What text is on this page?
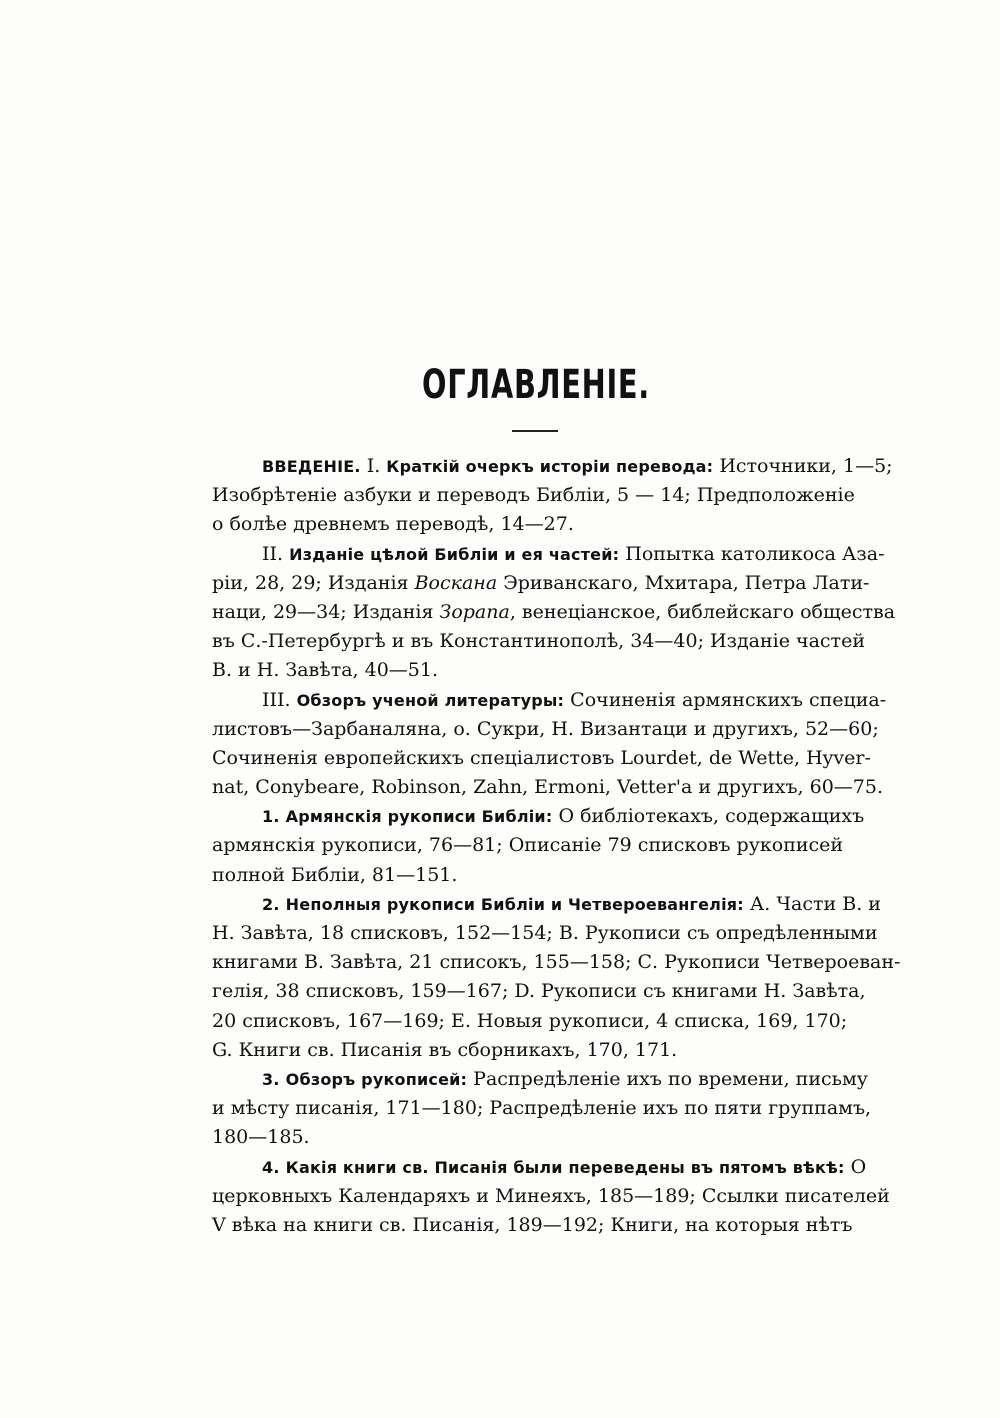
ОГЛАВЛЕНІЕ.
ВВЕДЕНІЕ. I. Краткій очеркъ исторіи перевода: Источники, 1—5;
Изобрѣтеніе азбуки и переводъ Библіи, 5 — 14; Предположеніе
о болѣе древнемъ переводѣ, 14—27.
II. Изданіе цѣлой Библіи и ея частей: Попытка католикоса Аза-
ріи, 28, 29; Изданія Воскана Эриванскаго, Мхитара, Петра Лати-
наци, 29—34; Изданія Зорапа, венеціанское, библейскаго общества
въ С.-Петербургѣ и въ Константинополѣ, 34—40; Изданіе частей
В. и Н. Завѣта, 40—51.
III. Обзоръ ученой литературы: Сочиненія армянскихъ специа-
листовъ—Зарбаналяна, о. Сукри, Н. Византаци и другихъ, 52—60;
Сочиненія европейскихъ спеціалистовъ Lourdet, de Wette, Hyver-
nat, Conybeare, Robinson, Zahn, Ermoni, Vetter'a и другихъ, 60—75.
1. Армянскія рукописи Библіи: О библіотекахъ, содержащихъ
армянскія рукописи, 76—81; Описаніе 79 списковъ рукописей
полной Библіи, 81—151.
2. Неполныя рукописи Библіи и Четвероевангелія: А. Части В. и
Н. Завѣта, 18 списковъ, 152—154; В. Рукописи съ опредѣленными
книгами В. Завѣта, 21 списокъ, 155—158; С. Рукописи Четвероеван-
гелія, 38 списковъ, 159—167; D. Рукописи съ книгами Н. Завѣта,
20 списковъ, 167—169; Е. Новыя рукописи, 4 списка, 169, 170;
G. Книги св. Писанія въ сборникахъ, 170, 171.
3. Обзоръ рукописей: Распредѣленіе ихъ по времени, письму
и мѣсту писанія, 171—180; Распредѣленіе ихъ по пяти группамъ,
180—185.
4. Какія книги св. Писанія были переведены въ пятомъ вѣкѣ: О
церковныхъ Календаряхъ и Минеяхъ, 185—189; Ссылки писателей
V вѣка на книги св. Писанія, 189—192; Книги, на которыя нѣтъ
